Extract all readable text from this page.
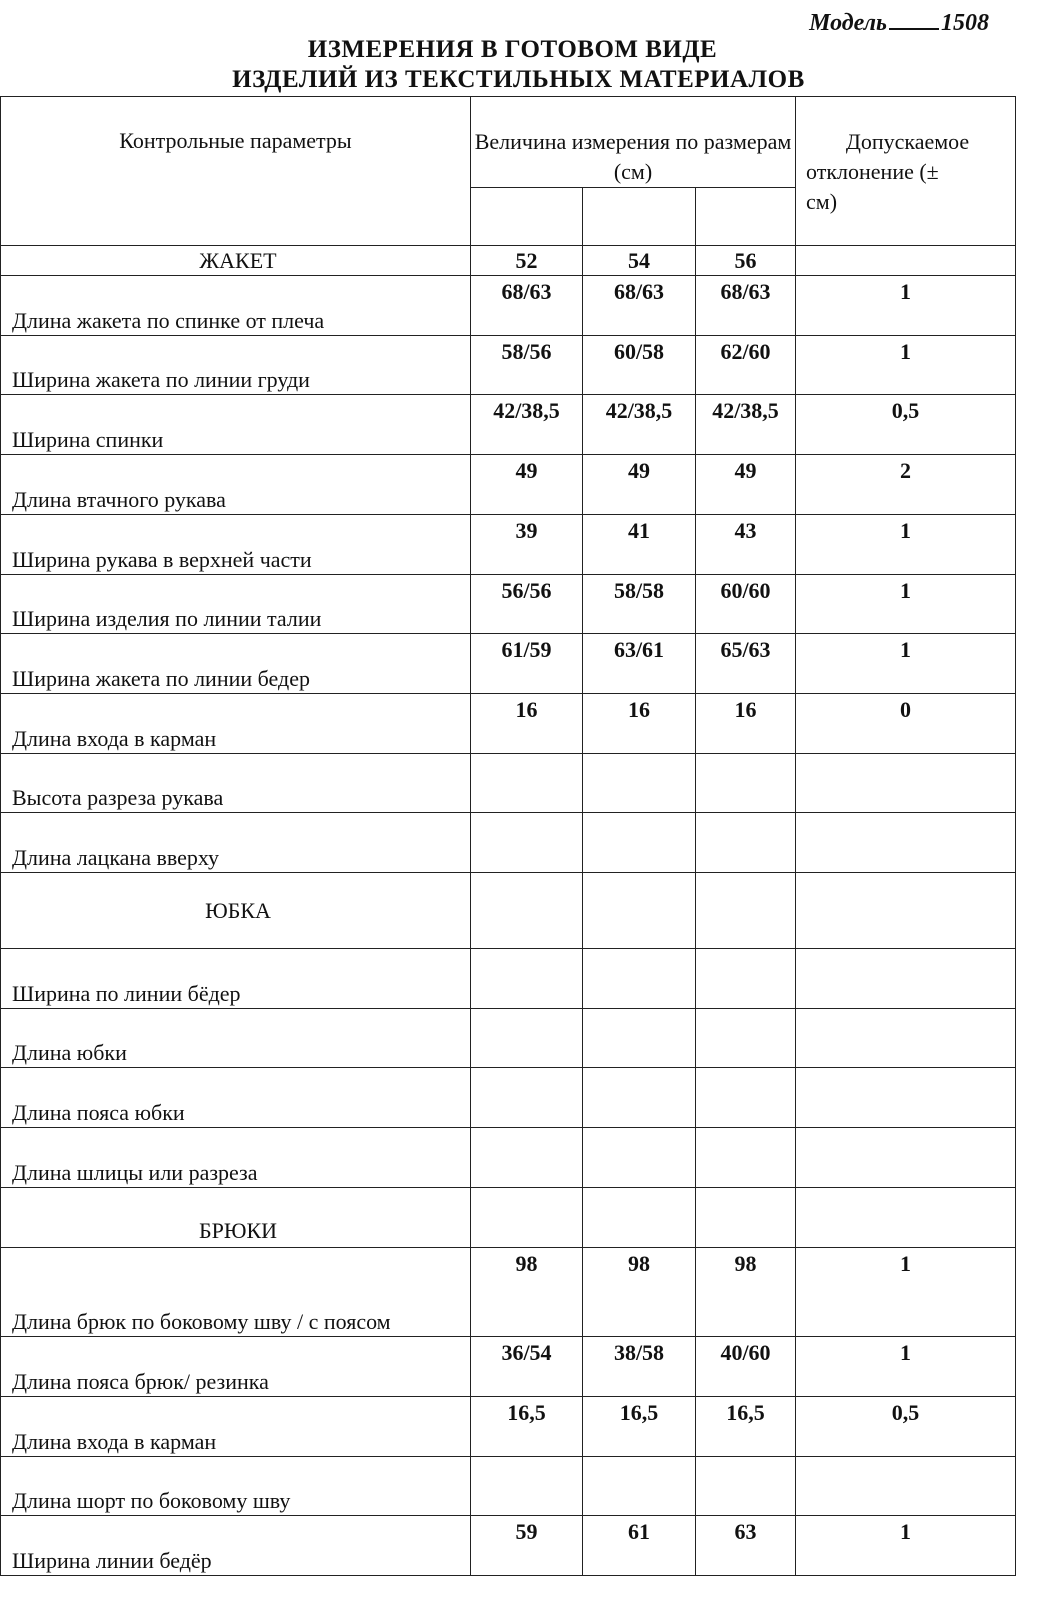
Модель 1508
ИЗМЕРЕНИЯ В ГОТОВОМ ВИДЕ
ИЗДЕЛИЙ ИЗ ТЕКСТИЛЬНЫХ МАТЕРИАЛОВ
Контрольные параметры	Величина измерения по размерам (см)			Допускаемое
отклонение (±
см)

ЖАКЕТ	52	54	56	
Длина жакета по спинке от плеча	68/63	68/63	68/63	1
Ширина жакета по линии груди	58/56	60/58	62/60	1
Ширина спинки	42/38,5	42/38,5	42/38,5	0,5
Длина втачного рукава	49	49	49	2
Ширина рукава в верхней части	39	41	43	1
Ширина изделия по линии талии	56/56	58/58	60/60	1
Ширина жакета по линии бедер	61/59	63/61	65/63	1
Длина входа в карман	16	16	16	0
Высота разреза рукава				
Длина лацкана вверху				
ЮБКА				
Ширина по линии бёдер				
Длина юбки				
Длина пояса юбки				
Длина шлицы или разреза				
БРЮКИ				
Длина брюк по боковому шву / с поясом	98	98	98	1
Длина пояса брюк/ резинка	36/54	38/58	40/60	1
Длина входа в карман	16,5	16,5	16,5	0,5
Длина шорт по боковому шву				
Ширина линии бедёр	59	61	63	1
